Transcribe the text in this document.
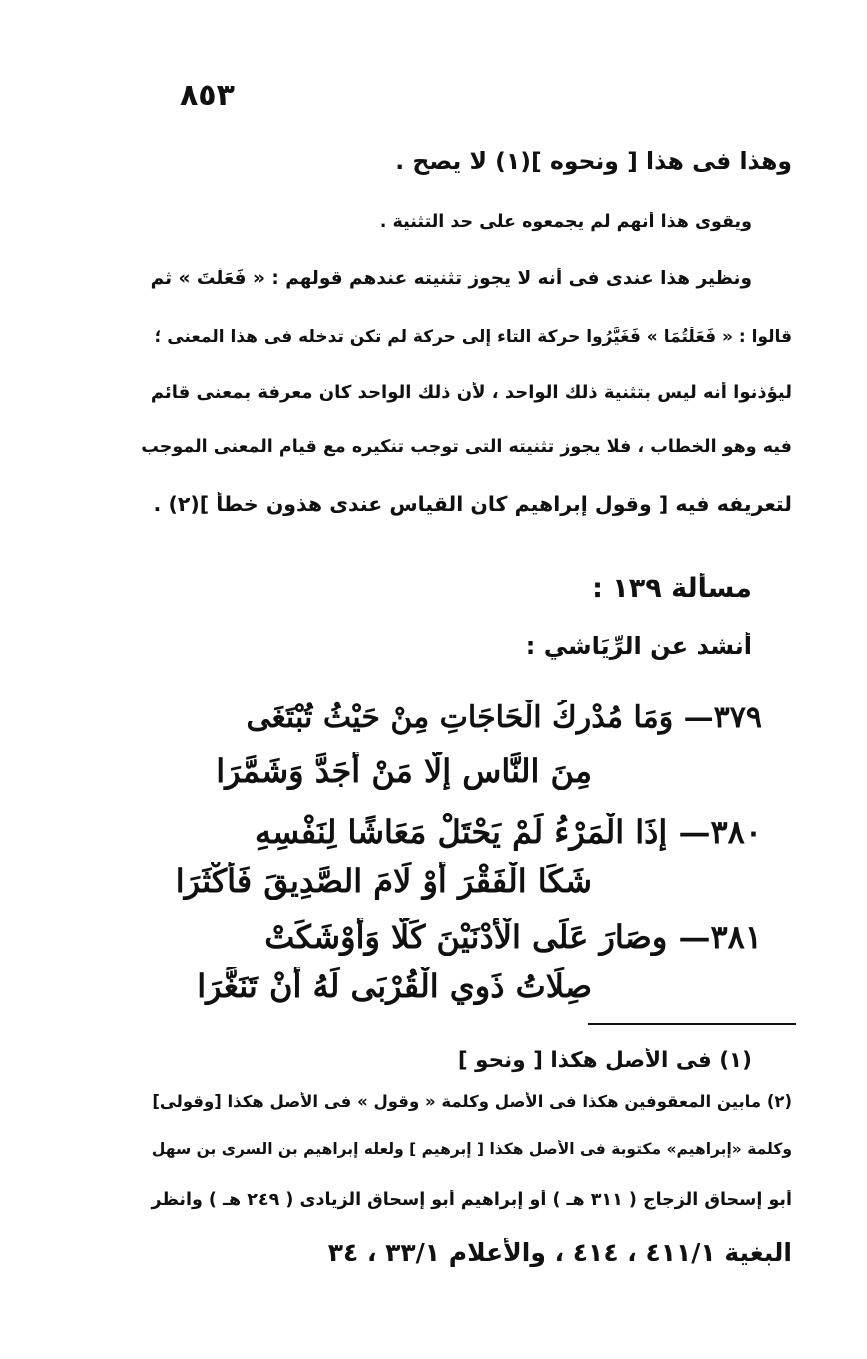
٨٥٣
وهذا فى هذا [ ونحوه ](١) لا يصح .
ويقوى هذا أنهم لم يجمعوه على حد التثنية .
ونظير هذا عندى فى أنه لا يجوز تثنيته عندهم قولهم : « فَعَلْتَ » ثم
قالوا : « فَعَلْتُمَا » فَغَيَّرُوا حركة التاء إلى حركة لم تكن تدخله فى هذا المعنى ؛
ليؤذنوا أنه ليس بتثنية ذلك الواحد ، لأن ذلك الواحد كان معرفة بمعنى قائم
فيه وهو الخطاب ، فلا يجوز تثنيته التى توجب تنكيره مع قيام المعنى الموجب
لتعريفه فيه [ وقول إبراهيم كان القياس عندى هذون خطأ ](٢) .
مسألة ١٣٩ :
أنشد عن الرِّيَاشي :
٣٧٩— وَمَا مُدْرِكُ الْحَاجَاتِ مِنْ حَيْثُ تُبْتَغَى
مِنَ النَّاسِ إِلَّا مَنْ أَجَدَّ وَشَمَّرَا
٣٨٠— إِذَا الْمَرْءُ لَمْ يَحْتَلْ مَعَاشًا لِنَفْسِهِ
شَكَا الْفَقْرَ أَوْ لَامَ الصَّدِيقَ فَأَكْثَرَا
٣٨١— وصَارَ عَلَى الْأَدْنَيْنَ كَلًّا وَأَوْشَكَتْ
صِلَاتُ ذَوِي الْقُرْبَى لَهُ أَنْ تَنَغَّرَا
(١) فى الأصل هكذا [ ونحو ]
(٢) مابين المعقوفين هكذا فى الأصل وكلمة « وقول » فى الأصل هكذا [وقولى]
وكلمة «إبراهيم» مكتوبة فى الأصل هكذا [ إبرهيم ] ولعله إبراهيم بن السرى بن سهل
أبو إسحاق الزجاج ( ٣١١ هـ ) أو إبراهيم أبو إسحاق الزيادى ( ٢٤٩ هـ ) وانظر
البغية ٤١١/١ ، ٤١٤ ، والأعلام ٣٣/١ ، ٣٤
